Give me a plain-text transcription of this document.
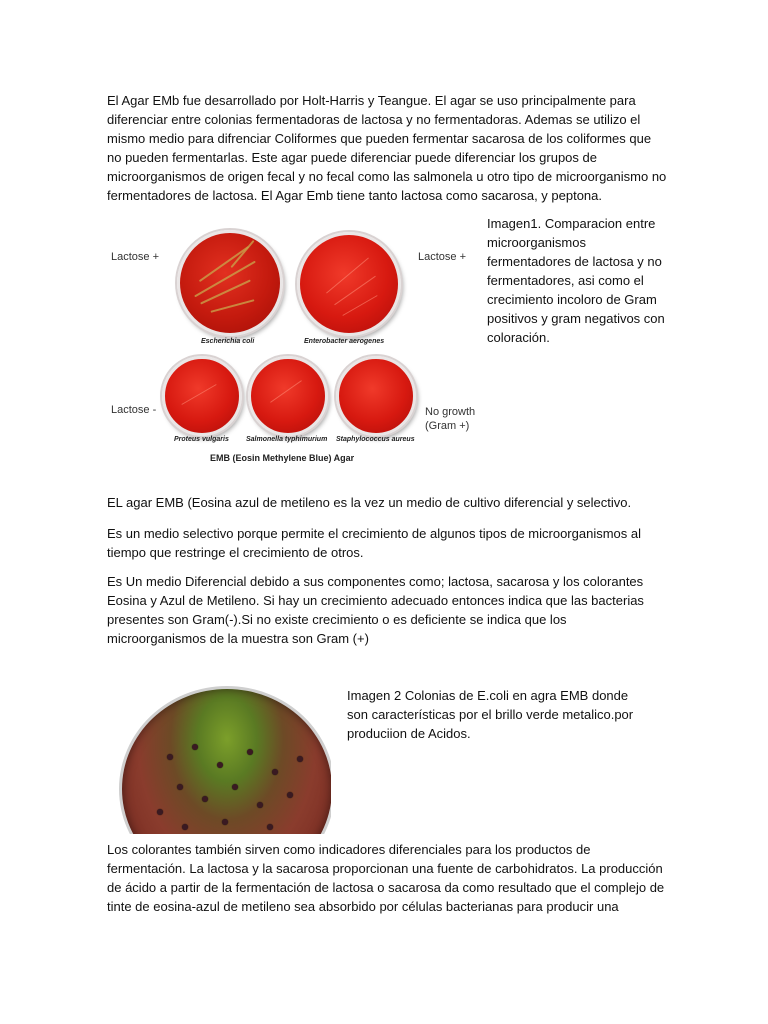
El Agar EMb fue desarrollado por Holt-Harris y Teangue. El agar se uso principalmente para diferenciar entre colonias fermentadoras de lactosa y no fermentadoras. Ademas se utilizo el mismo medio para difrenciar Coliformes que pueden fermentar sacarosa de los coliformes que no pueden fermentarlas. Este agar puede diferenciar puede diferenciar los grupos de microorganismos de origen fecal y no fecal como las salmonela u otro tipo de microorganismo no fermentadores de lactosa. El Agar Emb tiene tanto lactosa como sacarosa, y peptona.

Lactose +
Escherichia coli	Enterobacter aerogenes
Lactose +
Lactose -
Proteus vulgaris Salmonella typhimurium Staphylococcus aureus
No growth
(Gram +)
EMB (Eosin Methylene Blue) Agar

Imagen1. Comparacion entre microorganismos fermentadores de lactosa y no fermentadores, asi como el crecimiento incoloro de Gram positivos y gram negativos con coloración.

EL agar EMB (Eosina azul de metileno es la vez un medio de cultivo diferencial y selectivo.

Es un medio selectivo porque permite el crecimiento de algunos tipos de microorganismos al tiempo que restringe el crecimiento de otros.

Es Un medio Diferencial debido a sus componentes como; lactosa, sacarosa y los colorantes Eosina y Azul de Metileno. Si hay un crecimiento adecuado entonces indica que las bacterias presentes son Gram(-).Si no existe crecimiento o es deficiente se indica que los microorganismos de la muestra son Gram (+)

Imagen 2 Colonias de E.coli en agra EMB donde son características por el brillo verde metalico.por produciion de Acidos.

Los colorantes también sirven como indicadores diferenciales para los productos de fermentación. La lactosa y la sacarosa proporcionan una fuente de carbohidratos. La producción de ácido a partir de la fermentación de lactosa o sacarosa da como resultado que el complejo de tinte de eosina-azul de metileno sea absorbido por células bacterianas para producir una
